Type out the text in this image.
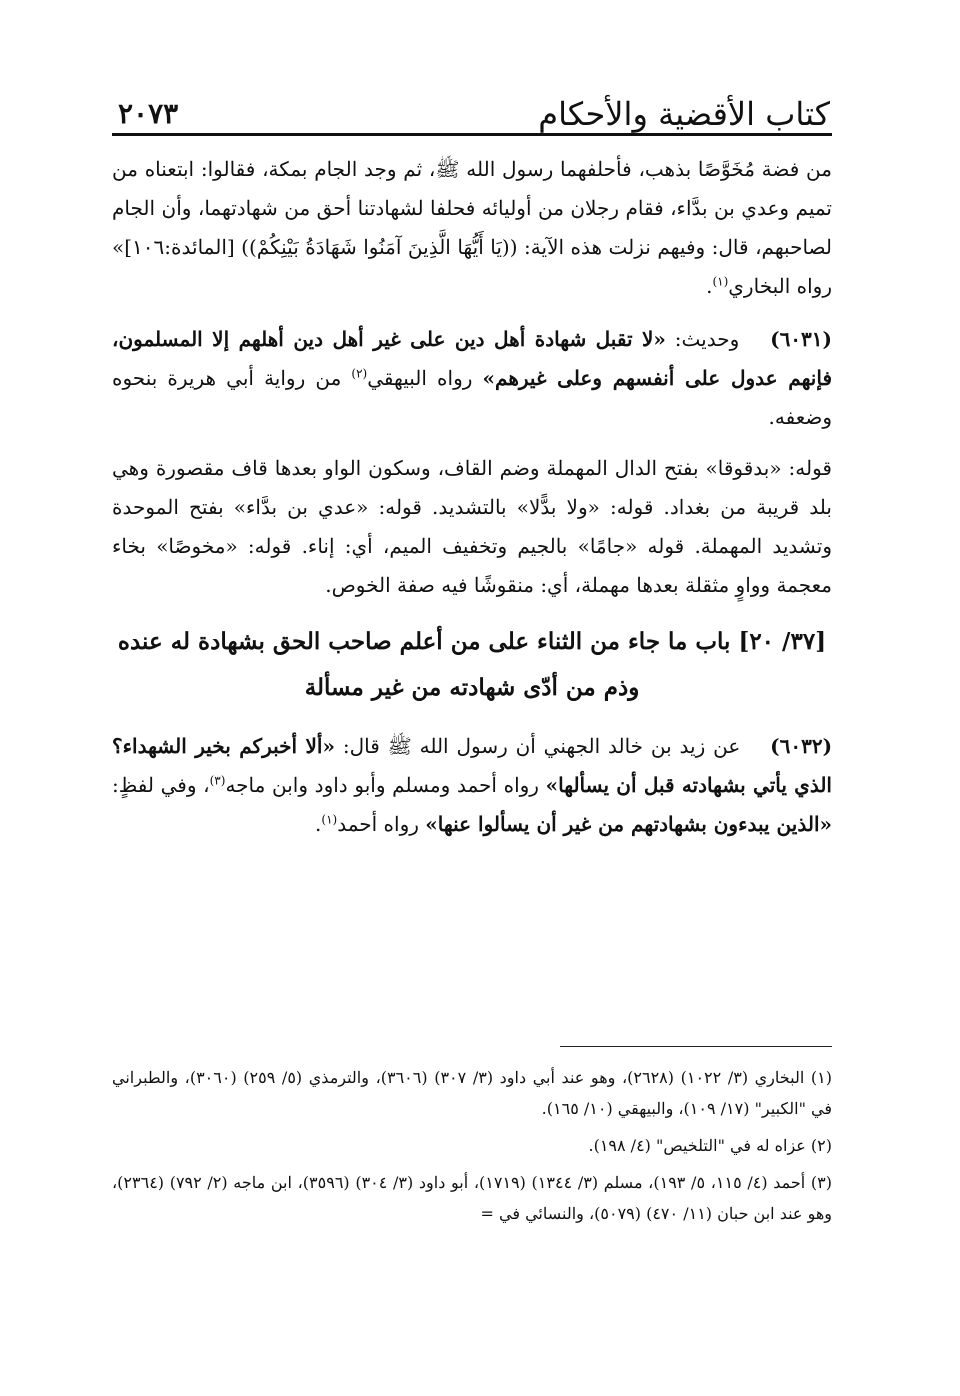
كتاب الأقضية والأحكام
٢٠٧٣

من فضة مُخَوَّصًا بذهب، فأحلفهما رسول الله ﷺ، ثم وجد الجام بمكة، فقالوا: ابتعناه من تميم وعدي بن بدَّاء، فقام رجلان من أوليائه فحلفا لشهادتنا أحق من شهادتهما، وأن الجام لصاحبهم، قال: وفيهم نزلت هذه الآية: ((يَا أَيُّهَا الَّذِينَ آمَنُوا شَهَادَةُ بَيْنِكُمْ)) [المائدة:١٠٦]» رواه البخاري$^{(١)}$.

(٦٠٣١) وحديث: «لا تقبل شهادة أهل دين على غير أهل دين أهلهم إلا المسلمون، فإنهم عدول على أنفسهم وعلى غيرهم» رواه البيهقي$^{(٢)}$ من رواية أبي هريرة بنحوه وضعفه.

قوله: «بدقوقا» بفتح الدال المهملة وضم القاف، وسكون الواو بعدها قاف مقصورة وهي بلد قريبة من بغداد. قوله: «ولا بدًّلا» بالتشديد. قوله: «عدي بن بدَّاء» بفتح الموحدة وتشديد المهملة. قوله «جامًا» بالجيم وتخفيف الميم، أي: إناء. قوله: «مخوصًا» بخاء معجمة وواوٍ مثقلة بعدها مهملة، أي: منقوشًا فيه صفة الخوص.

[٣٧/ ٢٠] باب ما جاء من الثناء على من أعلم صاحب الحق بشهادة له عنده
وذم من أدّى شهادته من غير مسألة

(٦٠٣٢) عن زيد بن خالد الجهني أن رسول الله ﷺ قال: «ألا أخبركم بخير الشهداء؟ الذي يأتي بشهادته قبل أن يسألها» رواه أحمد ومسلم وأبو داود وابن ماجه$^{(٣)}$، وفي لفظٍ: «الذين يبدءون بشهادتهم من غير أن يسألوا عنها» رواه أحمد$^{(١)}$.

(١) البخاري (٣/ ١٠٢٢) (٢٦٢٨)، وهو عند أبي داود (٣/ ٣٠٧) (٣٦٠٦)، والترمذي (٥/ ٢٥٩) (٣٠٦٠)، والطبراني في "الكبير" (١٧/ ١٠٩)، والبيهقي (١٠/ ١٦٥).

(٢) عزاه له في "التلخيص" (٤/ ١٩٨).

(٣) أحمد (٤/ ١١٥، ٥/ ١٩٣)، مسلم (٣/ ١٣٤٤) (١٧١٩)، أبو داود (٣/ ٣٠٤) (٣٥٩٦)، ابن ماجه (٢/ ٧٩٢) (٢٣٦٤)، وهو عند ابن حبان (١١/ ٤٧٠) (٥٠٧٩)، والنسائي في =
